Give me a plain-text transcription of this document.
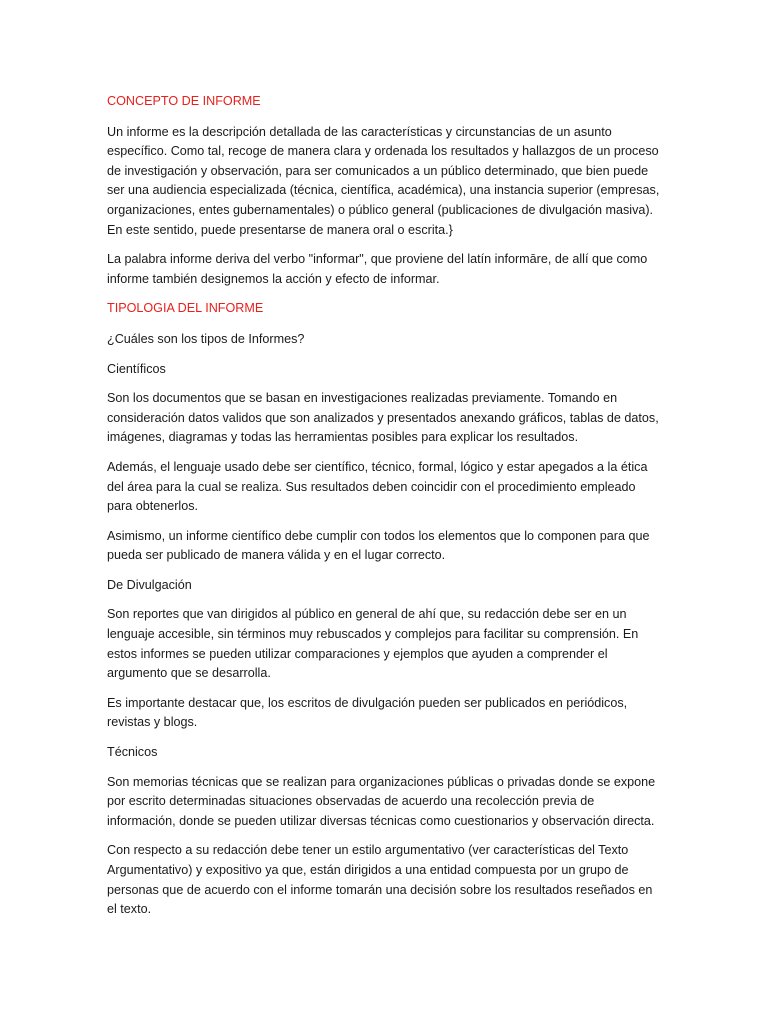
CONCEPTO DE INFORME

Un informe es la descripción detallada de las características y circunstancias de un asunto específico. Como tal, recoge de manera clara y ordenada los resultados y hallazgos de un proceso de investigación y observación, para ser comunicados a un público determinado, que bien puede ser una audiencia especializada (técnica, científica, académica), una instancia superior (empresas, organizaciones, entes gubernamentales) o público general (publicaciones de divulgación masiva). En este sentido, puede presentarse de manera oral o escrita.}

La palabra informe deriva del verbo "informar", que proviene del latín informāre, de allí que como informe también designemos la acción y efecto de informar.

TIPOLOGIA DEL INFORME
¿Cuáles son los tipos de Informes?
Científicos

Son los documentos que se basan en investigaciones realizadas previamente. Tomando en consideración datos validos que son analizados y presentados anexando gráficos, tablas de datos, imágenes, diagramas y todas las herramientas posibles para explicar los resultados.

Además, el lenguaje usado debe ser científico, técnico, formal, lógico y estar apegados a la ética del área para la cual se realiza. Sus resultados deben coincidir con el procedimiento empleado para obtenerlos.

Asimismo, un informe científico debe cumplir con todos los elementos que lo componen para que pueda ser publicado de manera válida y en el lugar correcto.

De Divulgación

Son reportes que van dirigidos al público en general de ahí que, su redacción debe ser en un lenguaje accesible, sin términos muy rebuscados y complejos para facilitar su comprensión. En estos informes se pueden utilizar comparaciones y ejemplos que ayuden a comprender el argumento que se desarrolla.

Es importante destacar que, los escritos de divulgación pueden ser publicados en periódicos, revistas y blogs.

Técnicos

Son memorias técnicas que se realizan para organizaciones públicas o privadas donde se expone por escrito determinadas situaciones observadas de acuerdo una recolección previa de información, donde se pueden utilizar diversas técnicas como cuestionarios y observación directa.

Con respecto a su redacción debe tener un estilo argumentativo (ver características del Texto Argumentativo) y expositivo ya que, están dirigidos a una entidad compuesta por un grupo de personas que de acuerdo con el informe tomarán una decisión sobre los resultados reseñados en el texto.
